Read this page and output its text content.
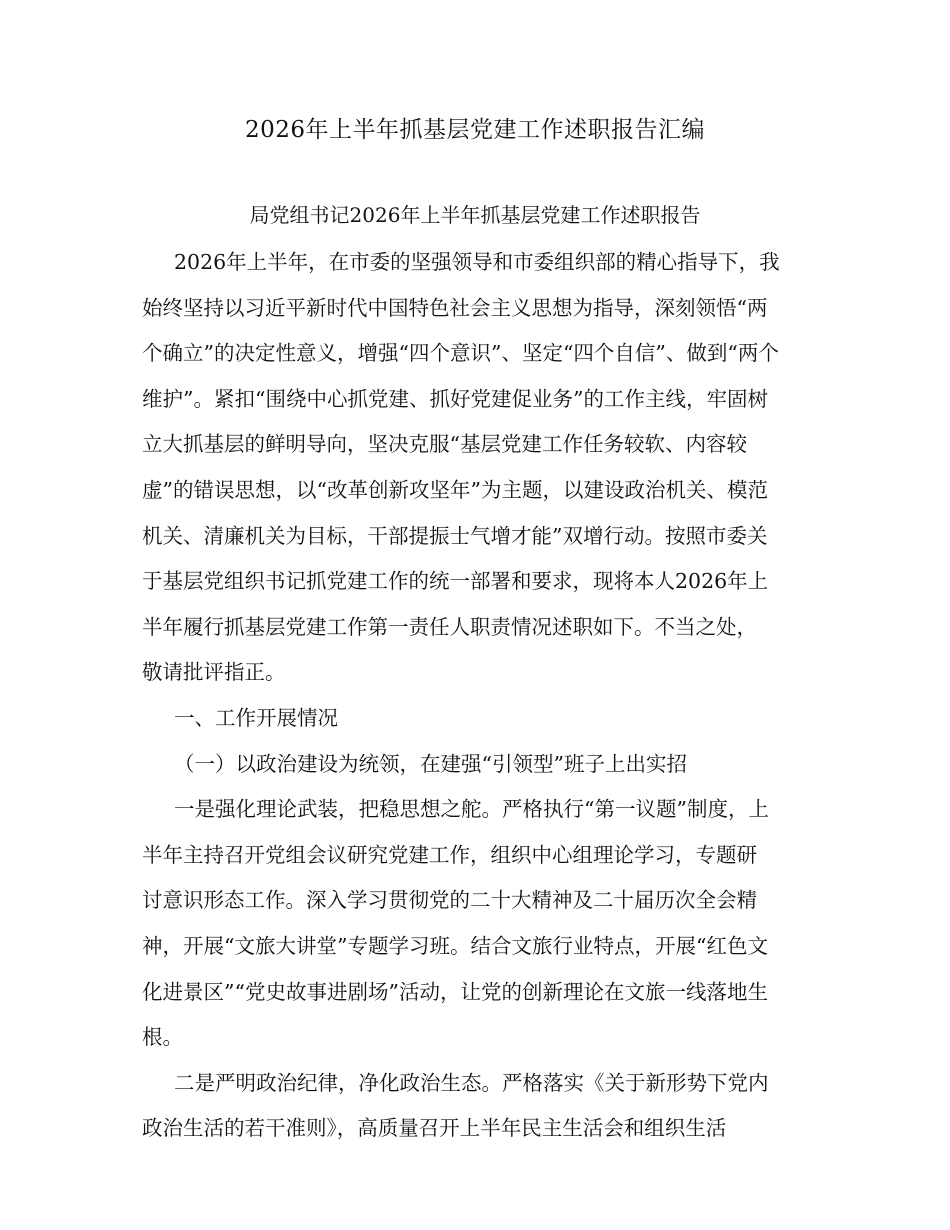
2026年上半年抓基层党建工作述职报告汇编
局党组书记2026年上半年抓基层党建工作述职报告
2026年上半年，在市委的坚强领导和市委组织部的精心指导下，我
始终坚持以习近平新时代中国特色社会主义思想为指导，深刻领悟“两
个确立”的决定性意义，增强“四个意识”、坚定“四个自信”、做到“两个
维护”。紧扣“围绕中心抓党建、抓好党建促业务”的工作主线，牢固树
立大抓基层的鲜明导向，坚决克服“基层党建工作任务较软、内容较
虚”的错误思想，以“改革创新攻坚年”为主题，以建设政治机关、模范
机关、清廉机关为目标，干部提振士气增才能”双增行动。按照市委关
于基层党组织书记抓党建工作的统一部署和要求，现将本人2026年上
半年履行抓基层党建工作第一责任人职责情况述职如下。不当之处，
敬请批评指正。
一、工作开展情况
（一）以政治建设为统领，在建强“引领型”班子上出实招
一是强化理论武装，把稳思想之舵。严格执行“第一议题”制度，上
半年主持召开党组会议研究党建工作，组织中心组理论学习，专题研
讨意识形态工作。深入学习贯彻党的二十大精神及二十届历次全会精
神，开展“文旅大讲堂”专题学习班。结合文旅行业特点，开展“红色文
化进景区”“党史故事进剧场”活动，让党的创新理论在文旅一线落地生
根。
二是严明政治纪律，净化政治生态。严格落实《关于新形势下党内
政治生活的若干准则》，高质量召开上半年民主生活会和组织生活
